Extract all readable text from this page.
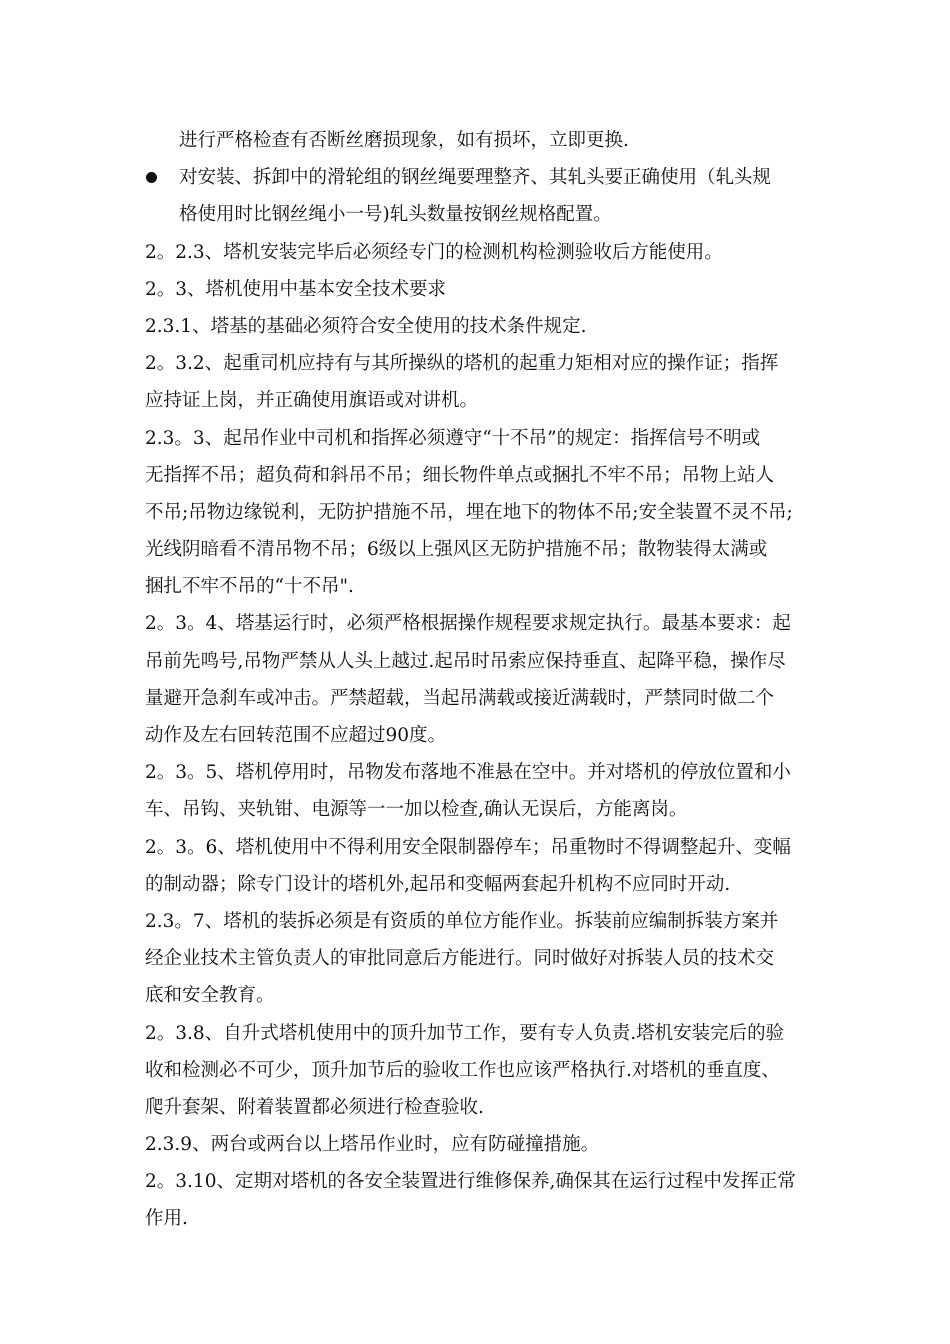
进行严格检查有否断丝磨损现象，如有损坏，立即更换.
对安装、拆卸中的滑轮组的钢丝绳要理整齐、其轧头要正确使用（轧头规
格使用时比钢丝绳小一号)轧头数量按钢丝规格配置。
2。2.3、塔机安装完毕后必须经专门的检测机构检测验收后方能使用。
2。3、塔机使用中基本安全技术要求
2.3.1、塔基的基础必须符合安全使用的技术条件规定.
2。3.2、起重司机应持有与其所操纵的塔机的起重力矩相对应的操作证；指挥
应持证上岗，并正确使用旗语或对讲机。
2.3。3、起吊作业中司机和指挥必须遵守“十不吊”的规定：指挥信号不明或
无指挥不吊；超负荷和斜吊不吊；细长物件单点或捆扎不牢不吊；吊物上站人
不吊;吊物边缘锐利，无防护措施不吊，埋在地下的物体不吊;安全装置不灵不吊;
光线阴暗看不清吊物不吊；6级以上强风区无防护措施不吊；散物装得太满或
捆扎不牢不吊的“十不吊".
2。3。4、塔基运行时，必须严格根据操作规程要求规定执行。最基本要求：起
吊前先鸣号,吊物严禁从人头上越过.起吊时吊索应保持垂直、起降平稳，操作尽
量避开急刹车或冲击。严禁超载，当起吊满载或接近满载时，严禁同时做二个
动作及左右回转范围不应超过90度。
2。3。5、塔机停用时，吊物发布落地不准悬在空中。并对塔机的停放位置和小
车、吊钩、夹轨钳、电源等一一加以检查,确认无误后，方能离岗。
2。3。6、塔机使用中不得利用安全限制器停车；吊重物时不得调整起升、变幅
的制动器；除专门设计的塔机外,起吊和变幅两套起升机构不应同时开动.
2.3。7、塔机的装拆必须是有资质的单位方能作业。拆装前应编制拆装方案并
经企业技术主管负责人的审批同意后方能进行。同时做好对拆装人员的技术交
底和安全教育。
2。3.8、自升式塔机使用中的顶升加节工作，要有专人负责.塔机安装完后的验
收和检测必不可少，顶升加节后的验收工作也应该严格执行.对塔机的垂直度、
爬升套架、附着装置都必须进行检查验收.
2.3.9、两台或两台以上塔吊作业时，应有防碰撞措施。
2。3.10、定期对塔机的各安全装置进行维修保养,确保其在运行过程中发挥正常
作用.
